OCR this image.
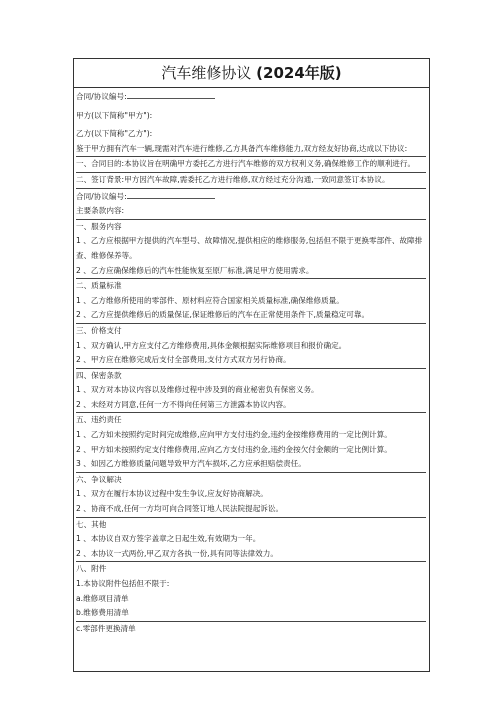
汽车维修协议 (2024年版)
合同/协议编号:
甲方(以下简称"甲方"):
乙方(以下简称"乙方"):
鉴于甲方拥有汽车一辆,现需对汽车进行维修,乙方具备汽车维修能力,双方经友好协商,达成以下协议:
一、合同目的:本协议旨在明确甲方委托乙方进行汽车维修的双方权利义务,确保维修工作的顺利进行。
二、签订背景:甲方因汽车故障,需委托乙方进行维修,双方经过充分沟通,一致同意签订本协议。
合同/协议编号:
主要条款内容:
一、服务内容
1 、乙方应根据甲方提供的汽车型号、故障情况,提供相应的维修服务,包括但不限于更换零部件、故障排查、维修保养等。
2 、乙方应确保维修后的汽车性能恢复至原厂标准,满足甲方使用需求。
二、质量标准
1 、乙方维修所使用的零部件、原材料应符合国家相关质量标准,确保维修质量。
2 、乙方应提供维修后的质量保证,保证维修后的汽车在正常使用条件下,质量稳定可靠。
三、价格支付
1 、双方确认,甲方应支付乙方维修费用,具体金额根据实际维修项目和报价确定。
2 、甲方应在维修完成后支付全部费用,支付方式双方另行协商。
四、保密条款
1 、双方对本协议内容以及维修过程中涉及到的商业秘密负有保密义务。
2 、未经对方同意,任何一方不得向任何第三方泄露本协议内容。
五、违约责任
1 、乙方如未按照约定时间完成维修,应向甲方支付违约金,违约金按维修费用的一定比例计算。
2 、甲方如未按照约定支付维修费用,应向乙方支付违约金,违约金按欠付金额的一定比例计算。
3 、如因乙方维修质量问题导致甲方汽车损坏,乙方应承担赔偿责任。
六、争议解决
1 、双方在履行本协议过程中发生争议,应友好协商解决。
2 、协商不成,任何一方均可向合同签订地人民法院提起诉讼。
七、其他
1 、本协议自双方签字盖章之日起生效,有效期为一年。
2 、本协议一式两份,甲乙双方各执一份,具有同等法律效力。
八、附件
1.本协议附件包括但不限于:
a.维修项目清单
b.维修费用清单
c.零部件更换清单
